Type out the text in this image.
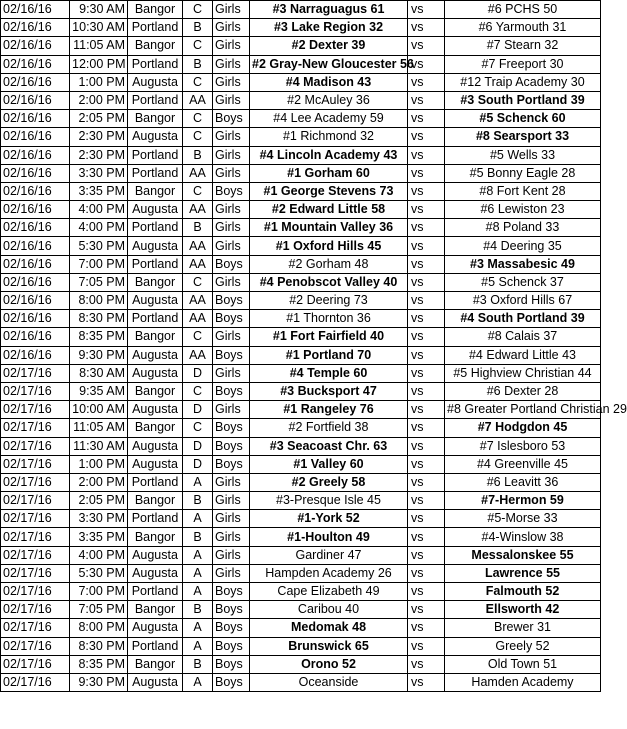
02/16/16	9:30 AM	Bangor	C	Girls	#3 Narraguagus 61	vs	#6 PCHS 50
02/16/16	10:30 AM	Portland	B	Girls	#3 Lake Region 32	vs	#6 Yarmouth 31
02/16/16	11:05 AM	Bangor	C	Girls	#2 Dexter 39	vs	#7 Stearn 32
02/16/16	12:00 PM	Portland	B	Girls	#2 Gray-New Gloucester 56	vs	#7 Freeport 30
02/16/16	1:00 PM	Augusta	C	Girls	#4 Madison 43	vs	#12 Traip Academy 30
02/16/16	2:00 PM	Portland	AA	Girls	#2 McAuley 36	vs	#3 South Portland 39
02/16/16	2:05 PM	Bangor	C	Boys	#4 Lee Academy 59	vs	#5 Schenck 60
02/16/16	2:30 PM	Augusta	C	Girls	#1 Richmond 32	vs	#8 Searsport 33
02/16/16	2:30 PM	Portland	B	Girls	#4 Lincoln Academy 43	vs	#5 Wells 33
02/16/16	3:30 PM	Portland	AA	Girls	#1 Gorham 60	vs	#5 Bonny Eagle 28
02/16/16	3:35 PM	Bangor	C	Boys	#1 George Stevens 73	vs	#8 Fort Kent 28
02/16/16	4:00 PM	Augusta	AA	Girls	#2 Edward Little 58	vs	#6 Lewiston 23
02/16/16	4:00 PM	Portland	B	Girls	#1 Mountain Valley 36	vs	#8 Poland 33
02/16/16	5:30 PM	Augusta	AA	Girls	#1 Oxford Hills 45	vs	#4 Deering 35
02/16/16	7:00 PM	Portland	AA	Boys	#2 Gorham 48	vs	#3 Massabesic 49
02/16/16	7:05 PM	Bangor	C	Girls	#4 Penobscot Valley 40	vs	#5 Schenck 37
02/16/16	8:00 PM	Augusta	AA	Boys	#2 Deering 73	vs	#3 Oxford Hills 67
02/16/16	8:30 PM	Portland	AA	Boys	#1 Thornton 36	vs	#4 South Portland 39
02/16/16	8:35 PM	Bangor	C	Girls	#1 Fort Fairfield 40	vs	#8 Calais 37
02/16/16	9:30 PM	Augusta	AA	Boys	#1 Portland 70	vs	#4 Edward Little 43
02/17/16	8:30 AM	Augusta	D	Girls	#4 Temple 60	vs	#5 Highview Christian 44
02/17/16	9:35 AM	Bangor	C	Boys	#3 Bucksport 47	vs	#6 Dexter 28
02/17/16	10:00 AM	Augusta	D	Girls	#1 Rangeley 76	vs	#8 Greater Portland Christian 29
02/17/16	11:05 AM	Bangor	C	Boys	#2 Fortfield 38	vs	#7 Hodgdon 45
02/17/16	11:30 AM	Augusta	D	Boys	#3 Seacoast Chr. 63	vs	#7 Islesboro 53
02/17/16	1:00 PM	Augusta	D	Boys	#1 Valley 60	vs	#4 Greenville 45
02/17/16	2:00 PM	Portland	A	Girls	#2 Greely 58	vs	#6 Leavitt 36
02/17/16	2:05 PM	Bangor	B	Girls	#3-Presque Isle 45	vs	#7-Hermon 59
02/17/16	3:30 PM	Portland	A	Girls	#1-York 52	vs	#5-Morse 33
02/17/16	3:35 PM	Bangor	B	Girls	#1-Houlton 49	vs	#4-Winslow 38
02/17/16	4:00 PM	Augusta	A	Girls	Gardiner 47	vs	Messalonskee 55
02/17/16	5:30 PM	Augusta	A	Girls	Hampden Academy 26	vs	Lawrence 55
02/17/16	7:00 PM	Portland	A	Boys	Cape Elizabeth 49	vs	Falmouth 52
02/17/16	7:05 PM	Bangor	B	Boys	Caribou 40	vs	Ellsworth 42
02/17/16	8:00 PM	Augusta	A	Boys	Medomak 48	vs	Brewer 31
02/17/16	8:30 PM	Portland	A	Boys	Brunswick 65	vs	Greely 52
02/17/16	8:35 PM	Bangor	B	Boys	Orono 52	vs	Old Town 51
02/17/16	9:30 PM	Augusta	A	Boys	Oceanside	vs	Hamden Academy
